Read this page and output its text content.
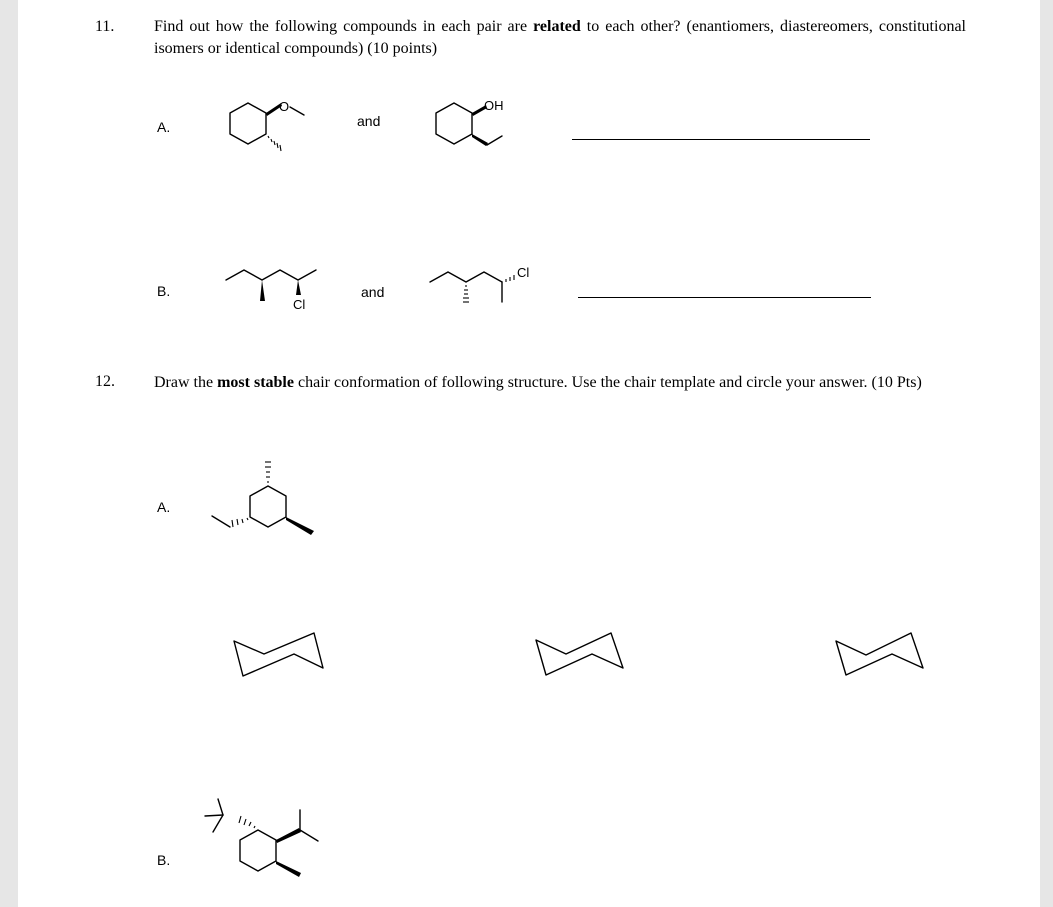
11. Find out how the following compounds in each pair are related to each other? (enantiomers, diastereomers, constitutional isomers or identical compounds) (10 points)
A.	and
B.	and
12. Draw the most stable chair conformation of following structure. Use the chair template and circle your answer. (10 Pts)
A.
B.
O	OH
Cl
Cl
